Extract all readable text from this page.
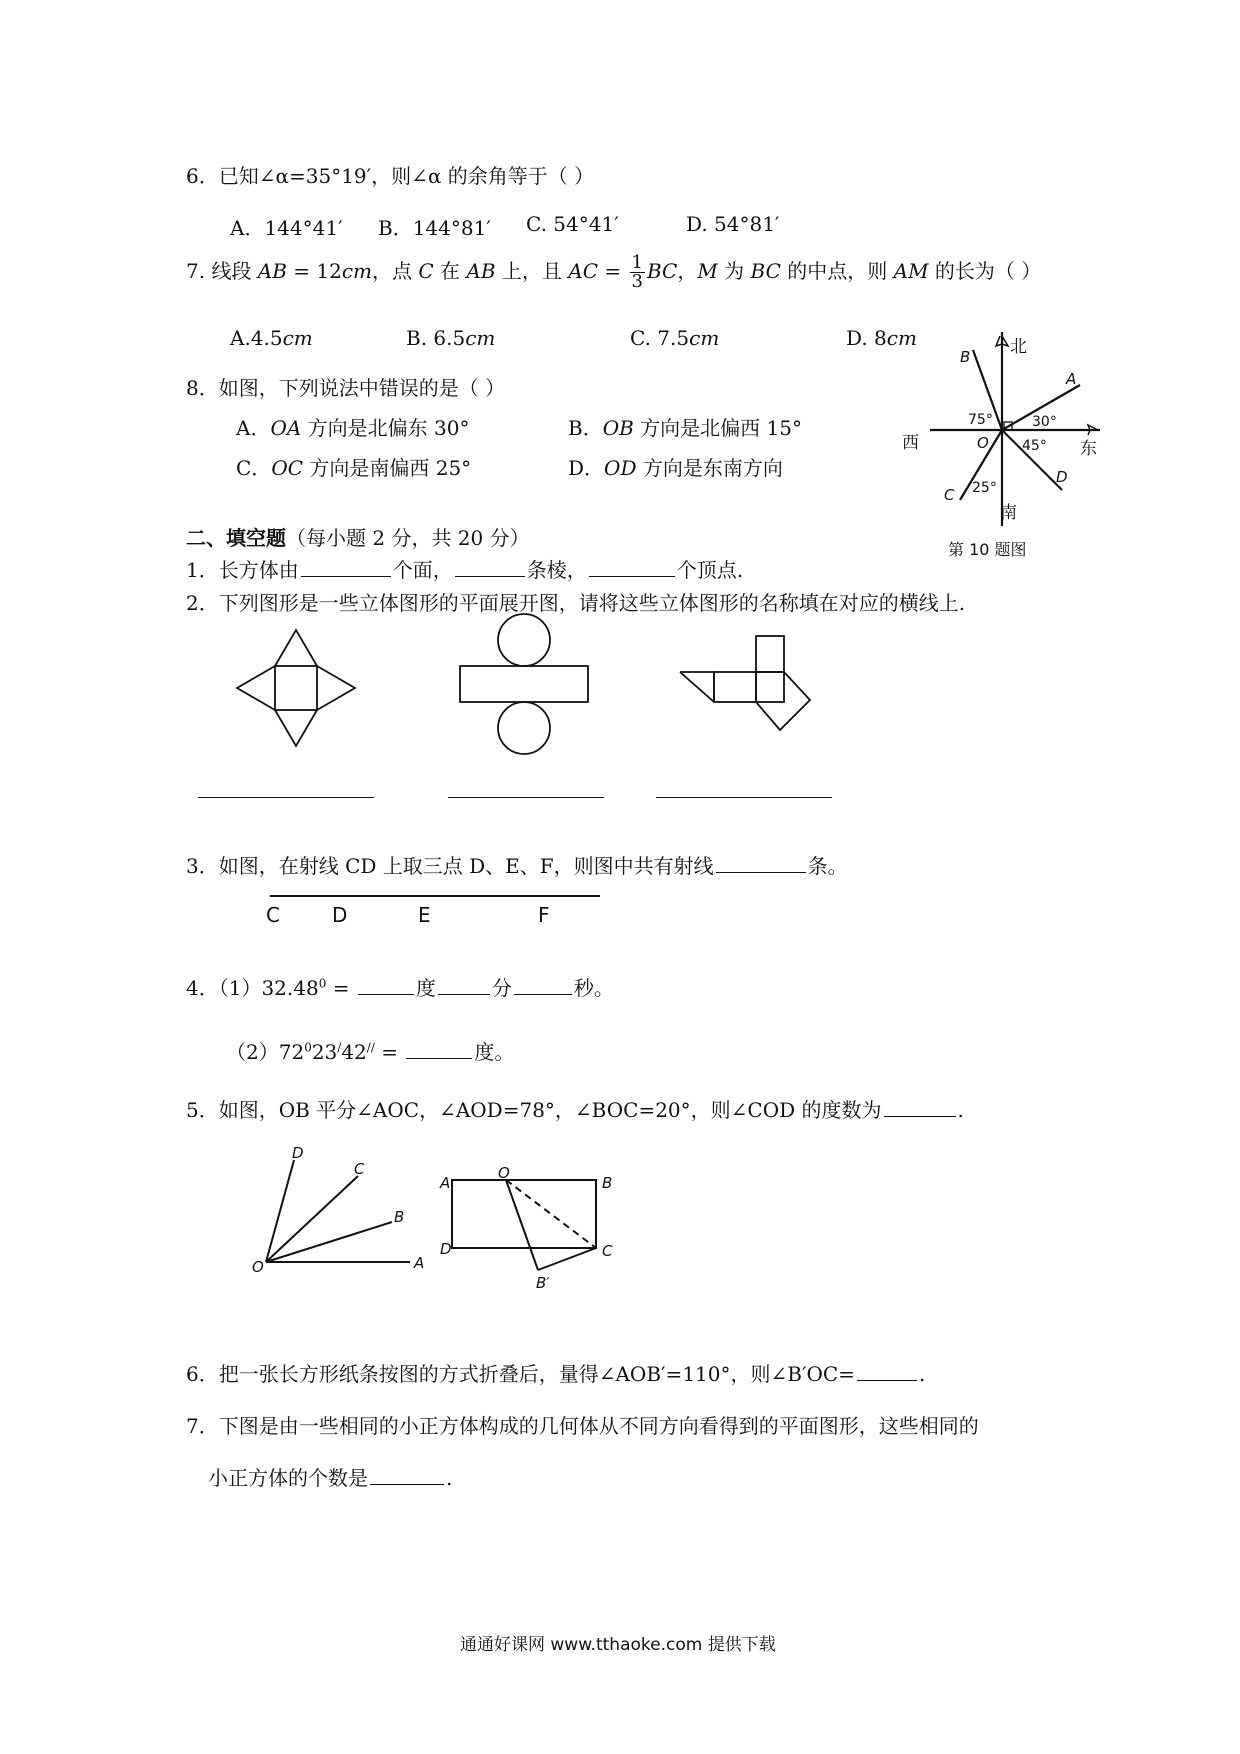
6．已知∠α=35°19′，则∠α 的余角等于（ ）
A．144°41′ B．144°81′ C. 54°41′	D. 54°81′
7. 线段 AB = 12cm，点 C 在 AB 上，且 AC = $\frac{1}{3}$ BC，M 为 BC 的中点，则 AM 的长为（ ）
A.4.5cm	B. 6.5cm	C. 7.5cm	D. 8cm
8．如图，下列说法中错误的是（ ）
A．OA 方向是北偏东 30°	B．OB 方向是北偏西 15°
C．OC 方向是南偏西 25°	D．OD 方向是东南方向
北
B
A
75°	30°
西	O 45° 东
D
25°
C
南
第 10 题图
二、填空题（每小题 2 分，共 20 分）
1．长方体由	个面，	条棱，	个顶点.
2．下列图形是一些立体图形的平面展开图，请将这些立体图形的名称填在对应的横线上.
3．如图，在射线 CD 上取三点 D、E、F，则图中共有射线	条。
C	D	E	F
4．$(1)32.48^0$ =	度	分	秒。
$(2)72^023^/42^{//}$ =	度。
5．如图，OB 平分∠AOC，∠AOD=78°，∠BOC=20°，则∠COD 的度数为	.
O	A
B
C
D
A
O
B
D	C
B′
6．把一张长方形纸条按图的方式折叠后，量得∠AOB′=110°，则∠B′OC=	.
7．下图是由一些相同的小正方体构成的几何体从不同方向看得到的平面图形，这些相同的
小正方体的个数是	.
通通好课网 www.tthaoke.com 提供下载
